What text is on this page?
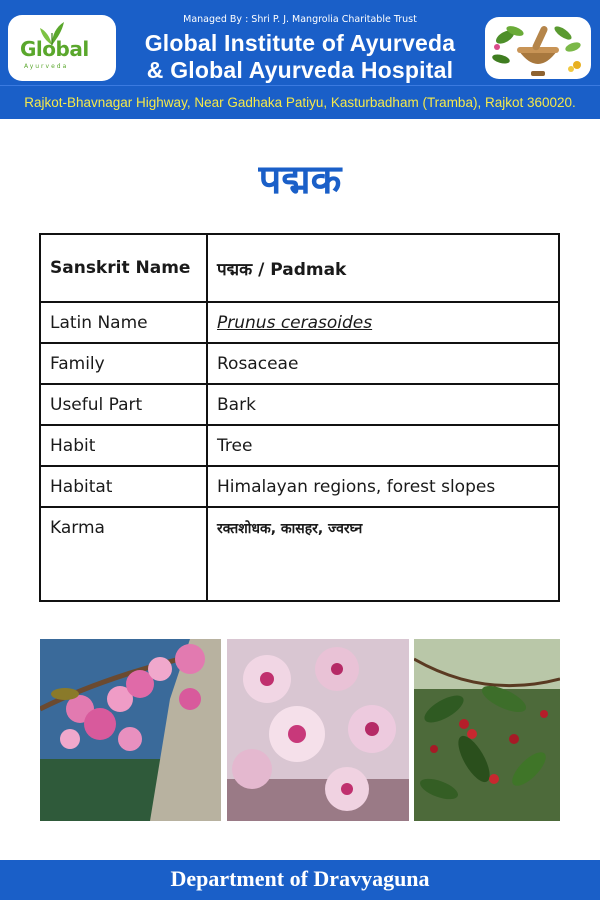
Global
Ayurveda
Managed By : Shri P. J. Mangrolia Charitable Trust
Global Institute of Ayurveda
& Global Ayurveda Hospital
Rajkot-Bhavnagar Highway, Near Gadhaka Patiyu, Kasturbadham (Tramba), Rajkot 360020.
पद्मक
Sanskrit Name	पद्मक / Padmak
Latin Name	Prunus cerasoides
Family	Rosaceae
Useful Part	Bark
Habit	Tree
Habitat	Himalayan regions, forest slopes
Karma	रक्तशोधक, कासहर, ज्वरघ्न
Department of Dravyaguna
